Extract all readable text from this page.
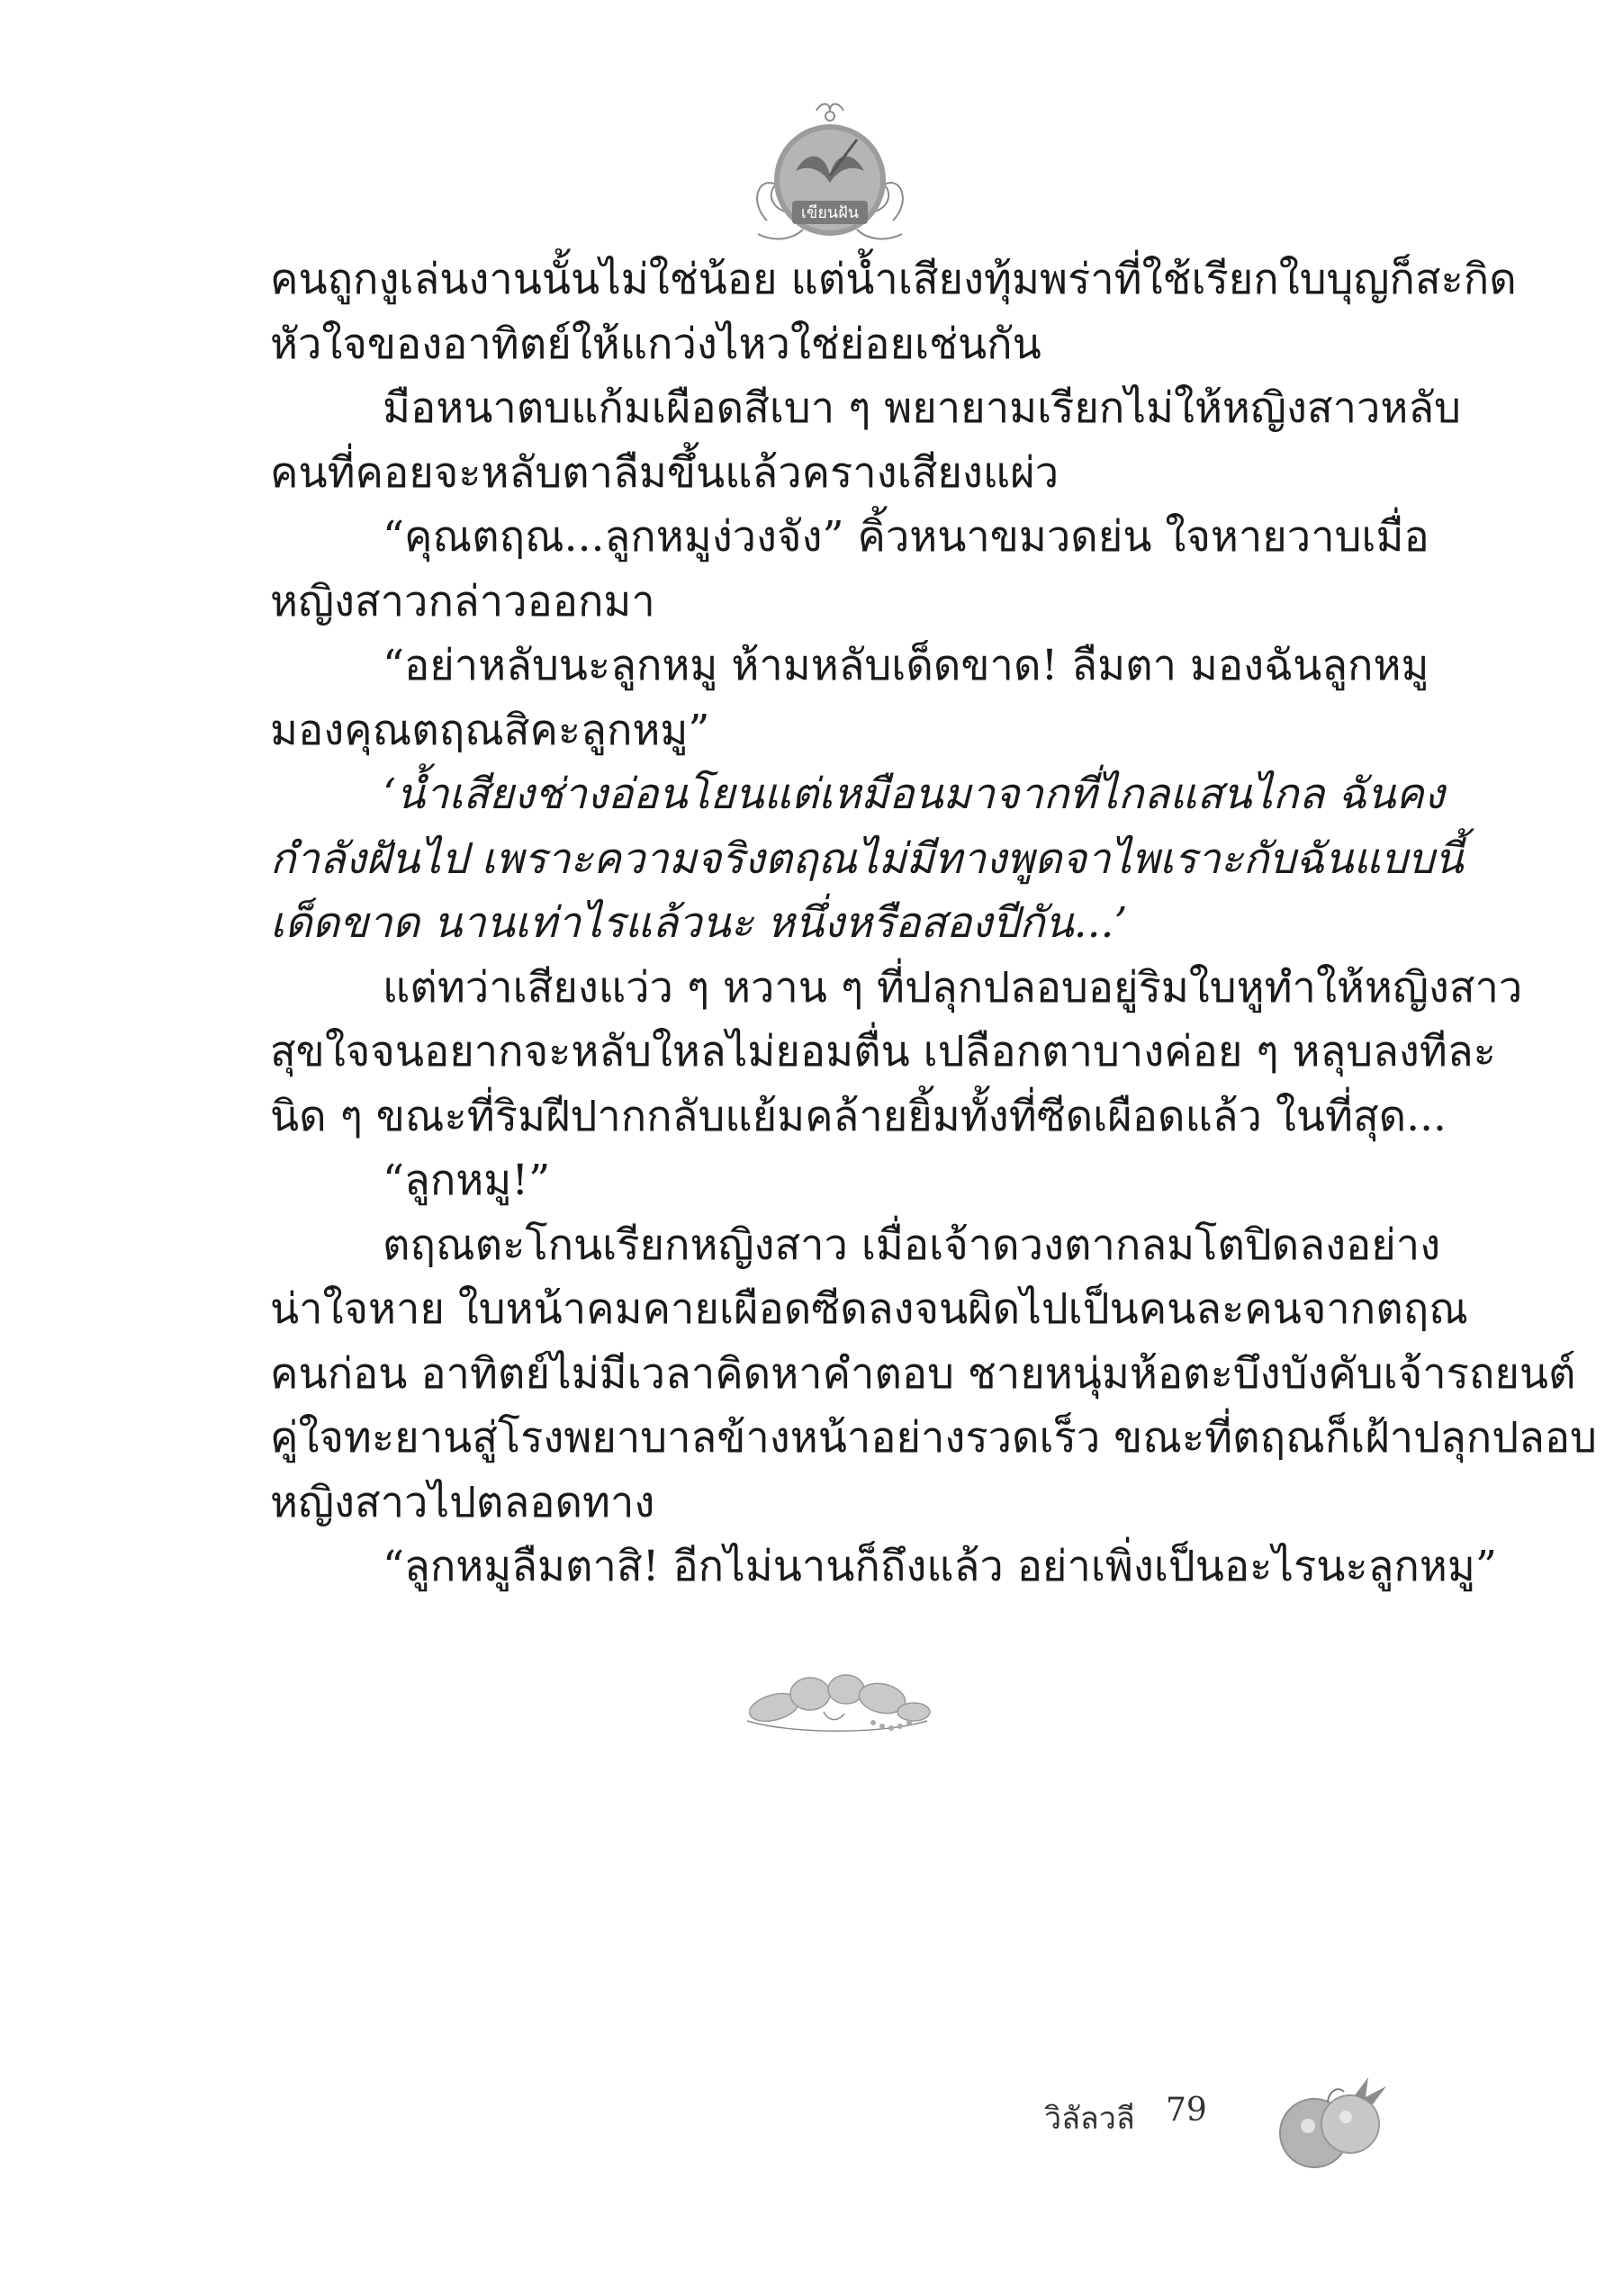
เขียนฝัน
คนถูกงูเล่นงานนั้นไม่ใช่น้อย แต่น้ำเสียงทุ้มพร่าที่ใช้เรียกใบบุญก็สะกิด
หัวใจของอาทิตย์ให้แกว่งไหวใช่ย่อยเช่นกัน
มือหนาตบแก้มเผือดสีเบา ๆ พยายามเรียกไม่ให้หญิงสาวหลับ
คนที่คอยจะหลับตาลืมขึ้นแล้วครางเสียงแผ่ว
“คุณตฤณ...ลูกหมูง่วงจัง” คิ้วหนาขมวดย่น ใจหายวาบเมื่อ
หญิงสาวกล่าวออกมา
“อย่าหลับนะลูกหมู ห้ามหลับเด็ดขาด! ลืมตา มองฉันลูกหมู
มองคุณตฤณสิคะลูกหมู”
‘น้ำเสียงช่างอ่อนโยนแต่เหมือนมาจากที่ไกลแสนไกล ฉันคง
กำลังฝันไป เพราะความจริงตฤณไม่มีทางพูดจาไพเราะกับฉันแบบนี้
เด็ดขาด นานเท่าไรแล้วนะ หนึ่งหรือสองปีกัน...’
แต่ทว่าเสียงแว่ว ๆ หวาน ๆ ที่ปลุกปลอบอยู่ริมใบหูทำให้หญิงสาว
สุขใจจนอยากจะหลับใหลไม่ยอมตื่น เปลือกตาบางค่อย ๆ หลุบลงทีละ
นิด ๆ ขณะที่ริมฝีปากกลับแย้มคล้ายยิ้มทั้งที่ซีดเผือดแล้ว ในที่สุด...
“ลูกหมู!”
ตฤณตะโกนเรียกหญิงสาว เมื่อเจ้าดวงตากลมโตปิดลงอย่าง
น่าใจหาย ใบหน้าคมคายเผือดซีดลงจนผิดไปเป็นคนละคนจากตฤณ
คนก่อน อาทิตย์ไม่มีเวลาคิดหาคำตอบ ชายหนุ่มห้อตะบึงบังคับเจ้ารถยนต์
คู่ใจทะยานสู่โรงพยาบาลข้างหน้าอย่างรวดเร็ว ขณะที่ตฤณก็เฝ้าปลุกปลอบ
หญิงสาวไปตลอดทาง
“ลูกหมูลืมตาสิ! อีกไม่นานก็ถึงแล้ว อย่าเพิ่งเป็นอะไรนะลูกหมู”
วิลัลวลี 79
